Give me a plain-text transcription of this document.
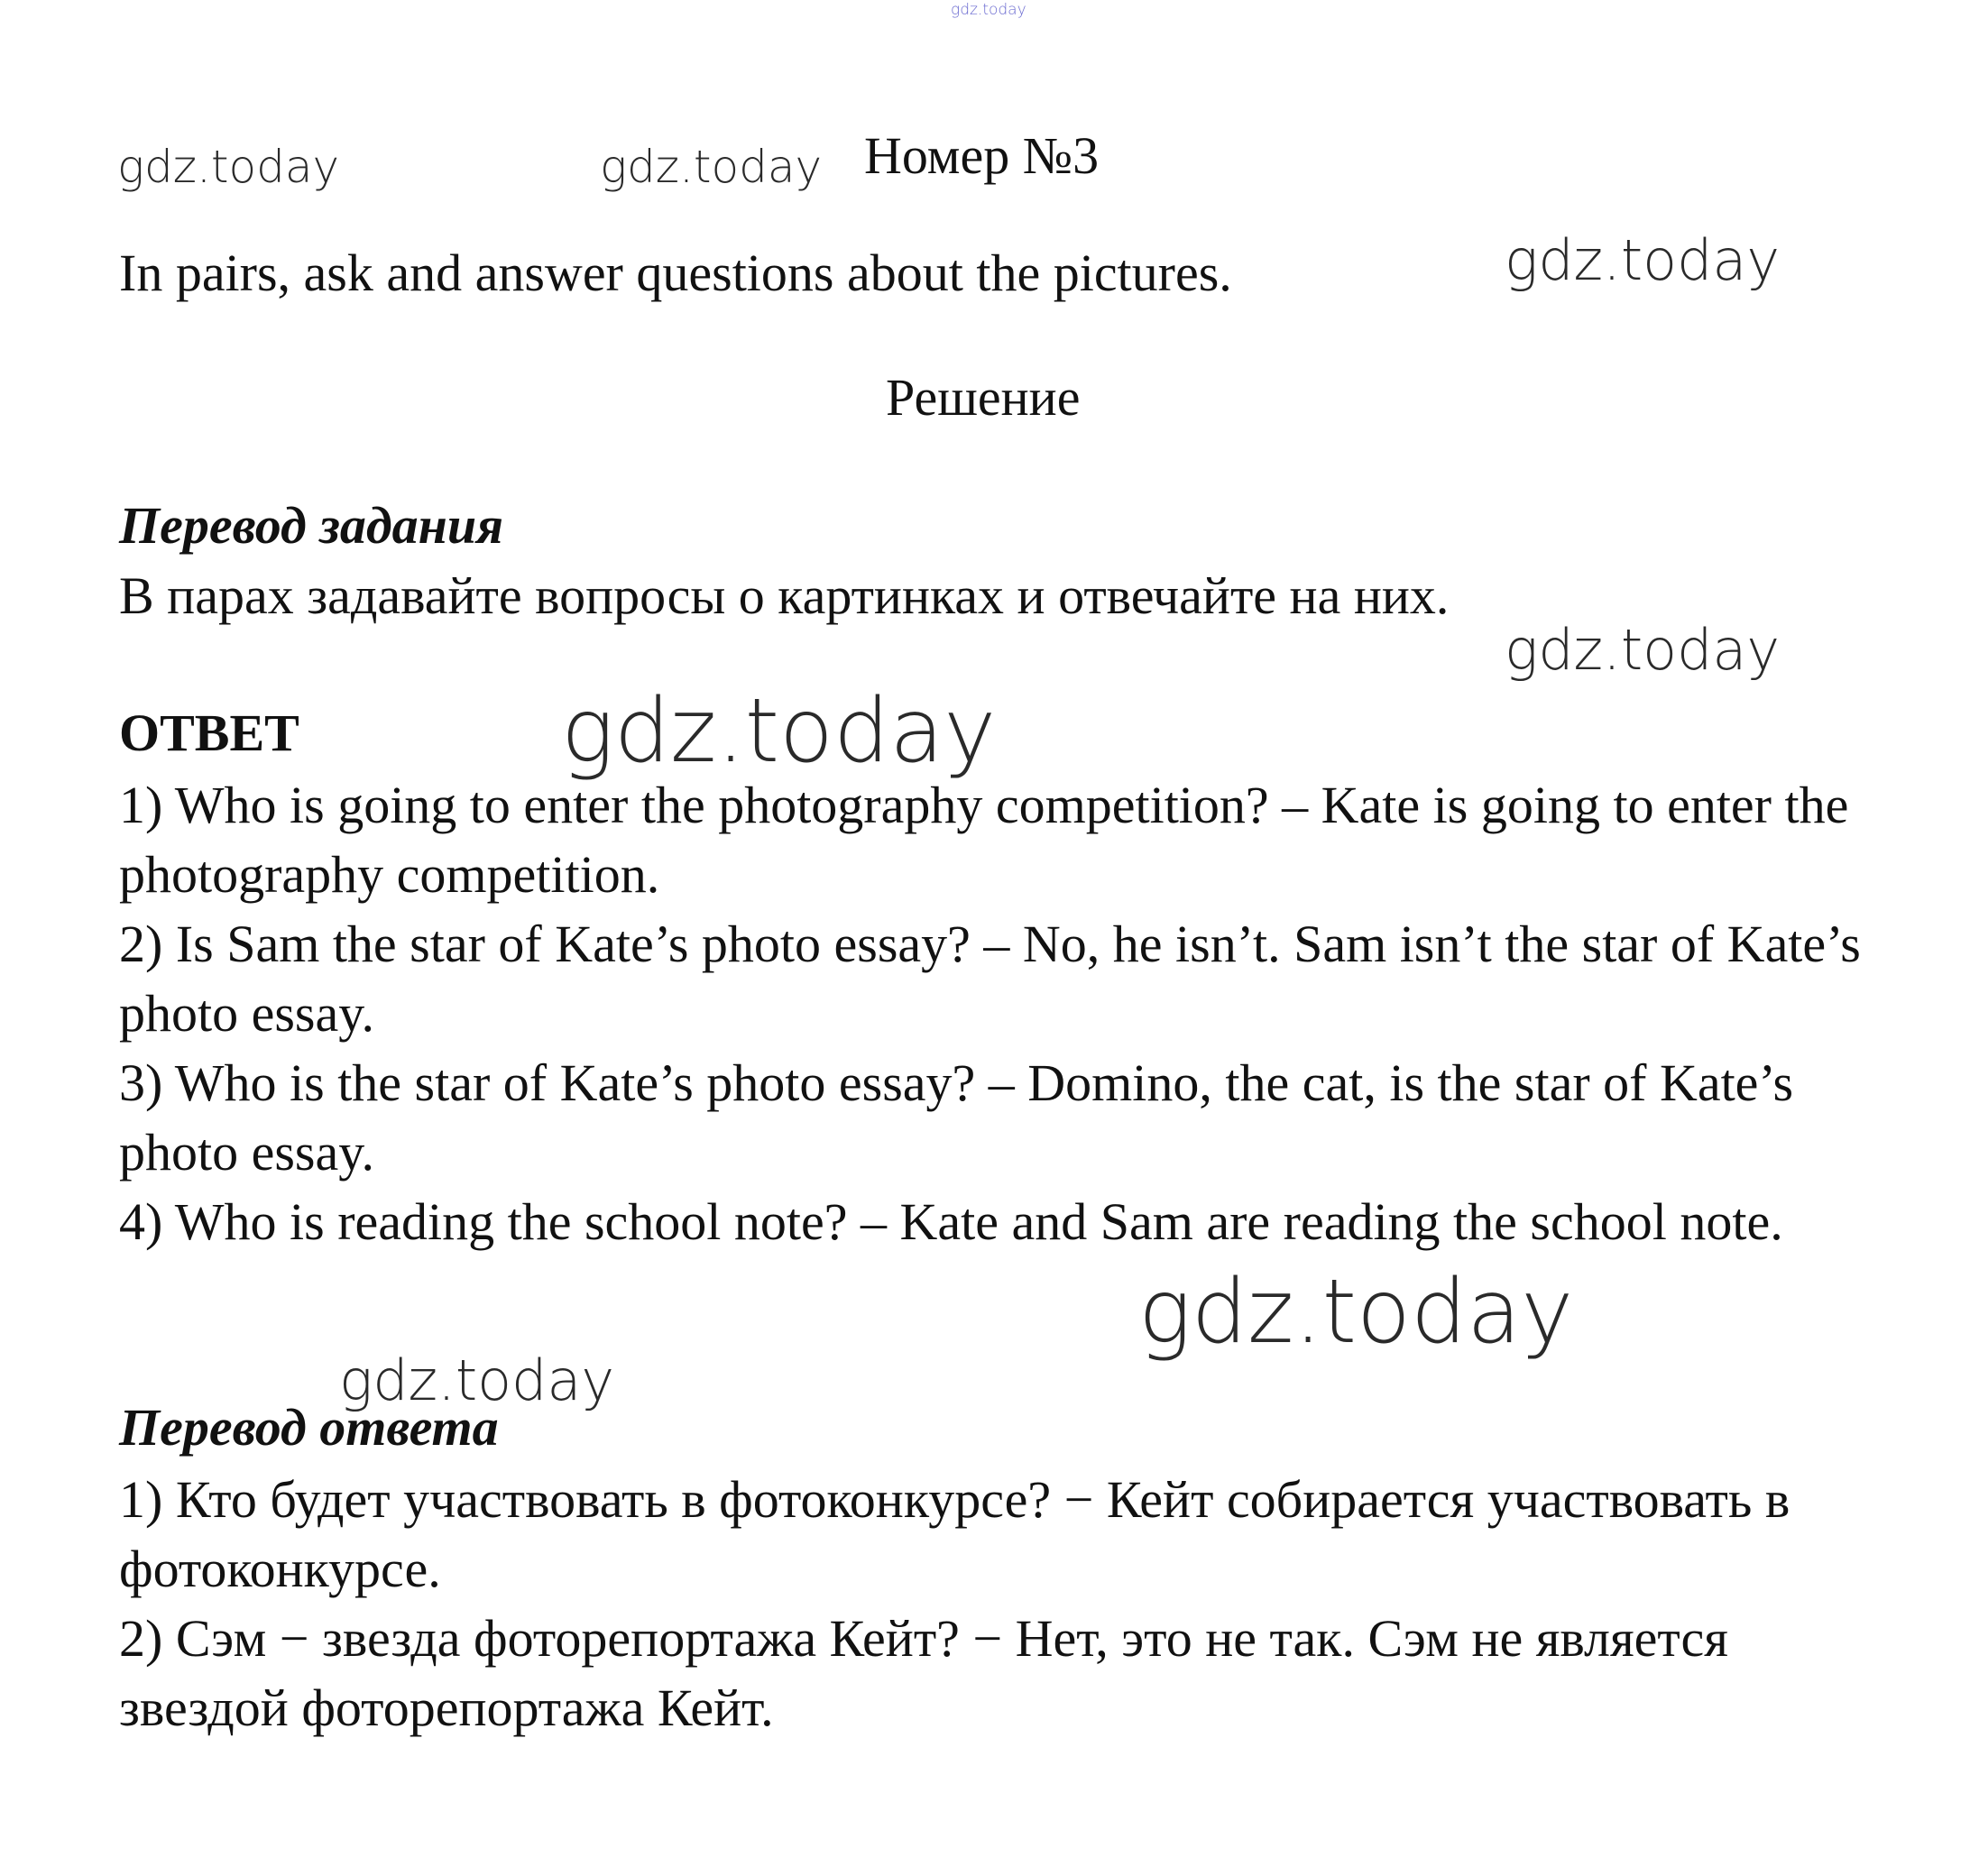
gdz.today
gdz.today	gdz.today
gdz.today
gdz.today
gdz.today
gdz.today
gdz.today
Номер №3
In pairs, ask and answer questions about the pictures.
Решение
Перевод задания

В парах задавайте вопросы о картинках и отвечайте на них.

ОТВЕТ

1) Who is going to enter the photography competition? – Kate is going to enter the photography competition.

2) Is Sam the star of Kate’s photo essay? – No, he isn’t. Sam isn’t the star of Kate’s photo essay.

3) Who is the star of Kate’s photo essay? – Domino, the cat, is the star of Kate’s photo essay.

4) Who is reading the school note? – Kate and Sam are reading the school note.

Перевод ответа

1) Кто будет участвовать в фотоконкурсе? − Кейт собирается участвовать в фотоконкурсе.

2) Сэм − звезда фоторепортажа Кейт? − Нет, это не так. Сэм не является звездой фоторепортажа Кейт.
